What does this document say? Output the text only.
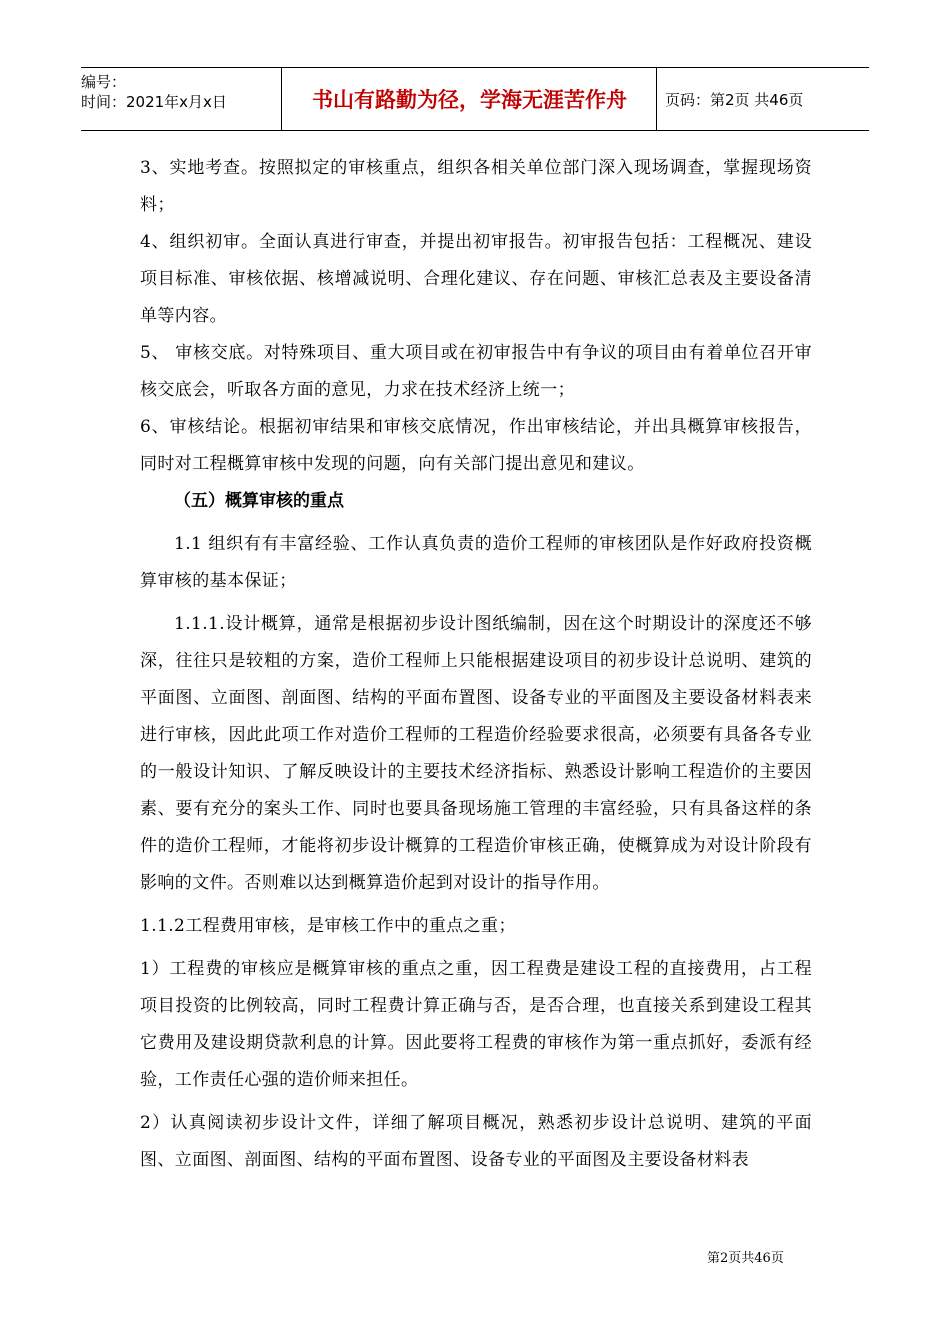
编号：
时间：2021年x月x日	书山有路勤为径，学海无涯苦作舟	页码：第2页 共46页

3、实地考查。按照拟定的审核重点，组织各相关单位部门深入现场调查，掌握现场资料；

4、组织初审。全面认真进行审查，并提出初审报告。初审报告包括：工程概况、建设项目标准、审核依据、核增减说明、合理化建议、存在问题、审核汇总表及主要设备清单等内容。

5、 审核交底。对特殊项目、重大项目或在初审报告中有争议的项目由有着单位召开审核交底会，听取各方面的意见，力求在技术经济上统一；

6、审核结论。根据初审结果和审核交底情况，作出审核结论，并出具概算审核报告，同时对工程概算审核中发现的问题，向有关部门提出意见和建议。

（五）概算审核的重点

1.1 组织有有丰富经验、工作认真负责的造价工程师的审核团队是作好政府投资概算审核的基本保证；

1.1.1.设计概算，通常是根据初步设计图纸编制，因在这个时期设计的深度还不够深，往往只是较粗的方案，造价工程师上只能根据建设项目的初步设计总说明、建筑的平面图、立面图、剖面图、结构的平面布置图、设备专业的平面图及主要设备材料表来进行审核，因此此项工作对造价工程师的工程造价经验要求很高，必须要有具备各专业的一般设计知识、了解反映设计的主要技术经济指标、熟悉设计影响工程造价的主要因素、要有充分的案头工作、同时也要具备现场施工管理的丰富经验，只有具备这样的条件的造价工程师，才能将初步设计概算的工程造价审核正确，使概算成为对设计阶段有影响的文件。否则难以达到概算造价起到对设计的指导作用。

1.1.2工程费用审核，是审核工作中的重点之重；

1）工程费的审核应是概算审核的重点之重，因工程费是建设工程的直接费用，占工程项目投资的比例较高，同时工程费计算正确与否，是否合理，也直接关系到建设工程其它费用及建设期贷款利息的计算。因此要将工程费的审核作为第一重点抓好，委派有经验，工作责任心强的造价师来担任。

2）认真阅读初步设计文件，详细了解项目概况，熟悉初步设计总说明、建筑的平面图、立面图、剖面图、结构的平面布置图、设备专业的平面图及主要设备材料表

第2页共46页
